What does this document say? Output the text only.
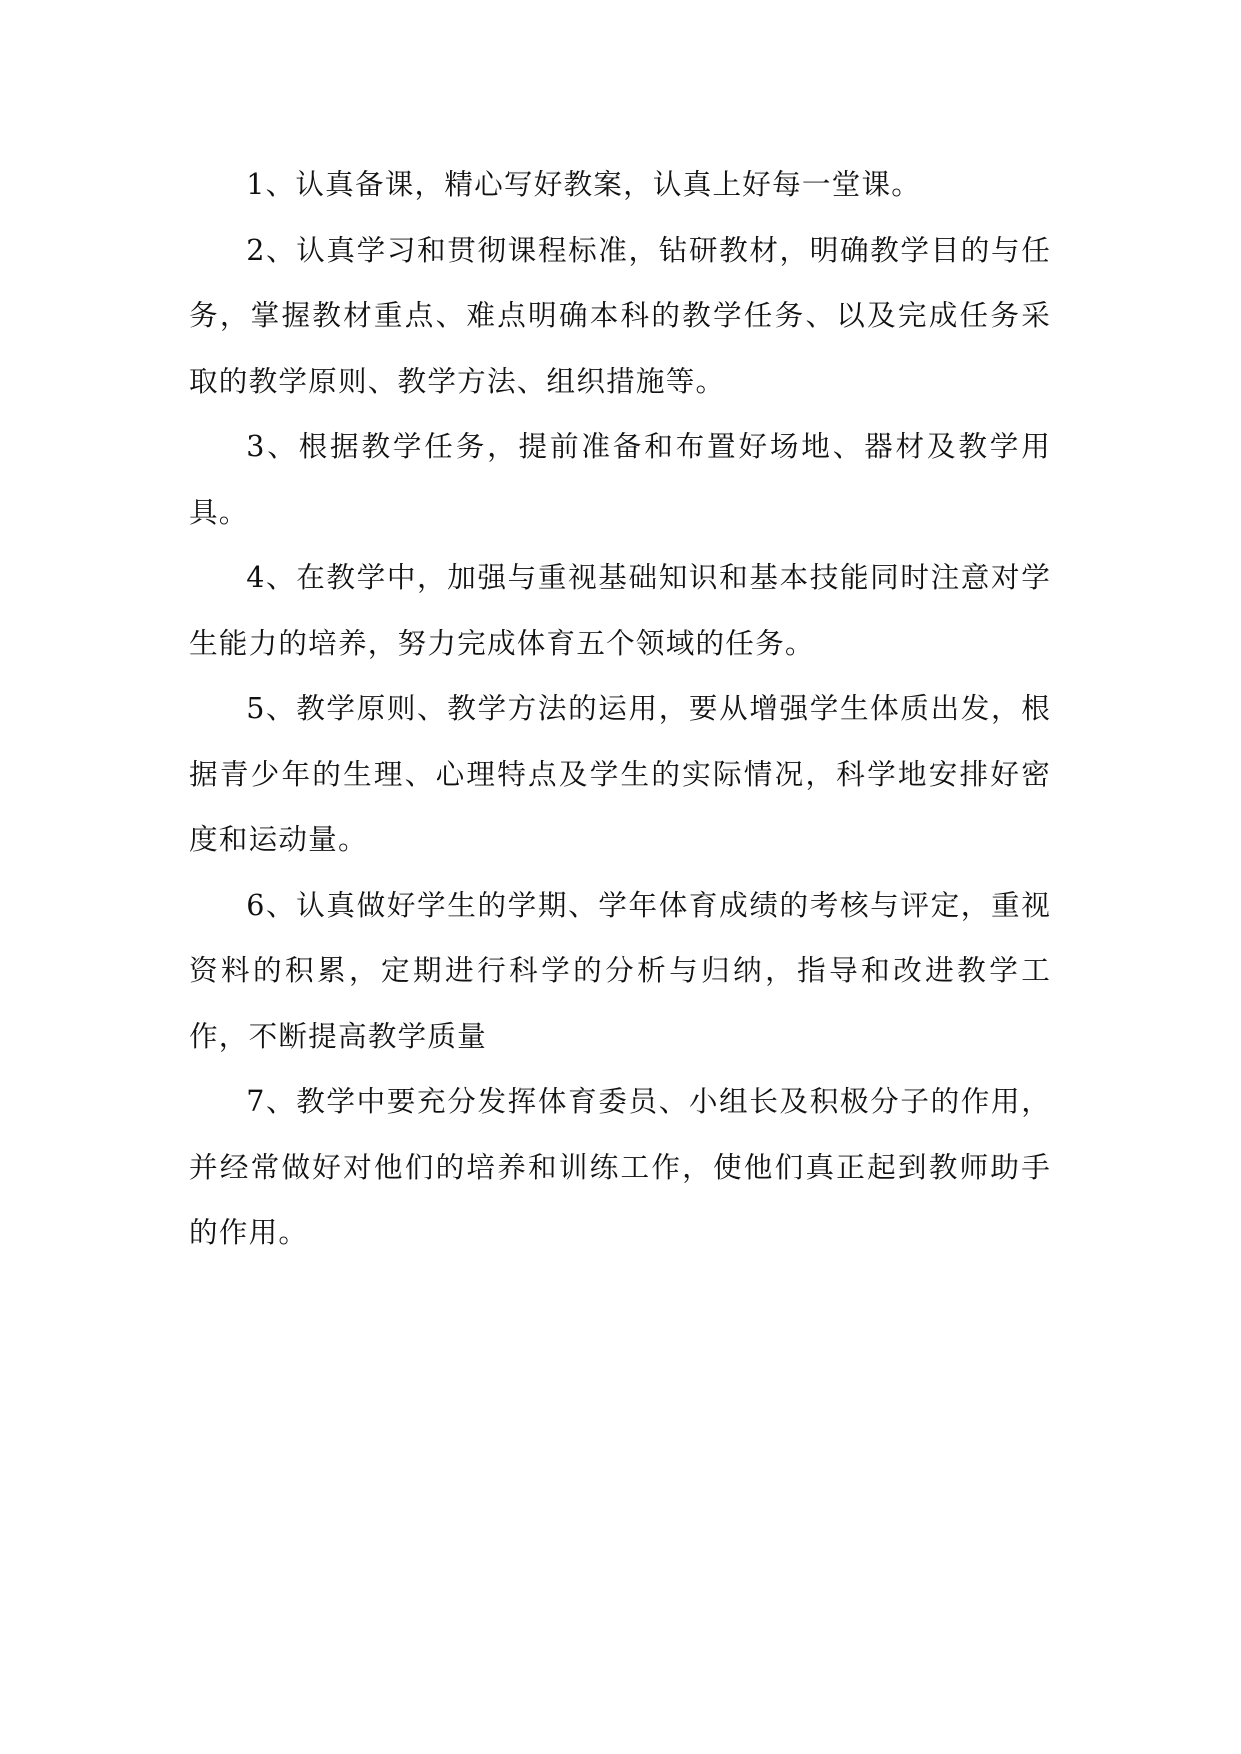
1、认真备课，精心写好教案，认真上好每一堂课。

2、认真学习和贯彻课程标准，钻研教材，明确教学目的与任务，掌握教材重点、难点明确本科的教学任务、以及完成任务采取的教学原则、教学方法、组织措施等。

3、根据教学任务，提前准备和布置好场地、器材及教学用具。

4、在教学中，加强与重视基础知识和基本技能同时注意对学生能力的培养，努力完成体育五个领域的任务。

5、教学原则、教学方法的运用，要从增强学生体质出发，根据青少年的生理、心理特点及学生的实际情况，科学地安排好密度和运动量。

6、认真做好学生的学期、学年体育成绩的考核与评定，重视资料的积累，定期进行科学的分析与归纳，指导和改进教学工作，不断提高教学质量

7、教学中要充分发挥体育委员、小组长及积极分子的作用，并经常做好对他们的培养和训练工作，使他们真正起到教师助手的作用。
